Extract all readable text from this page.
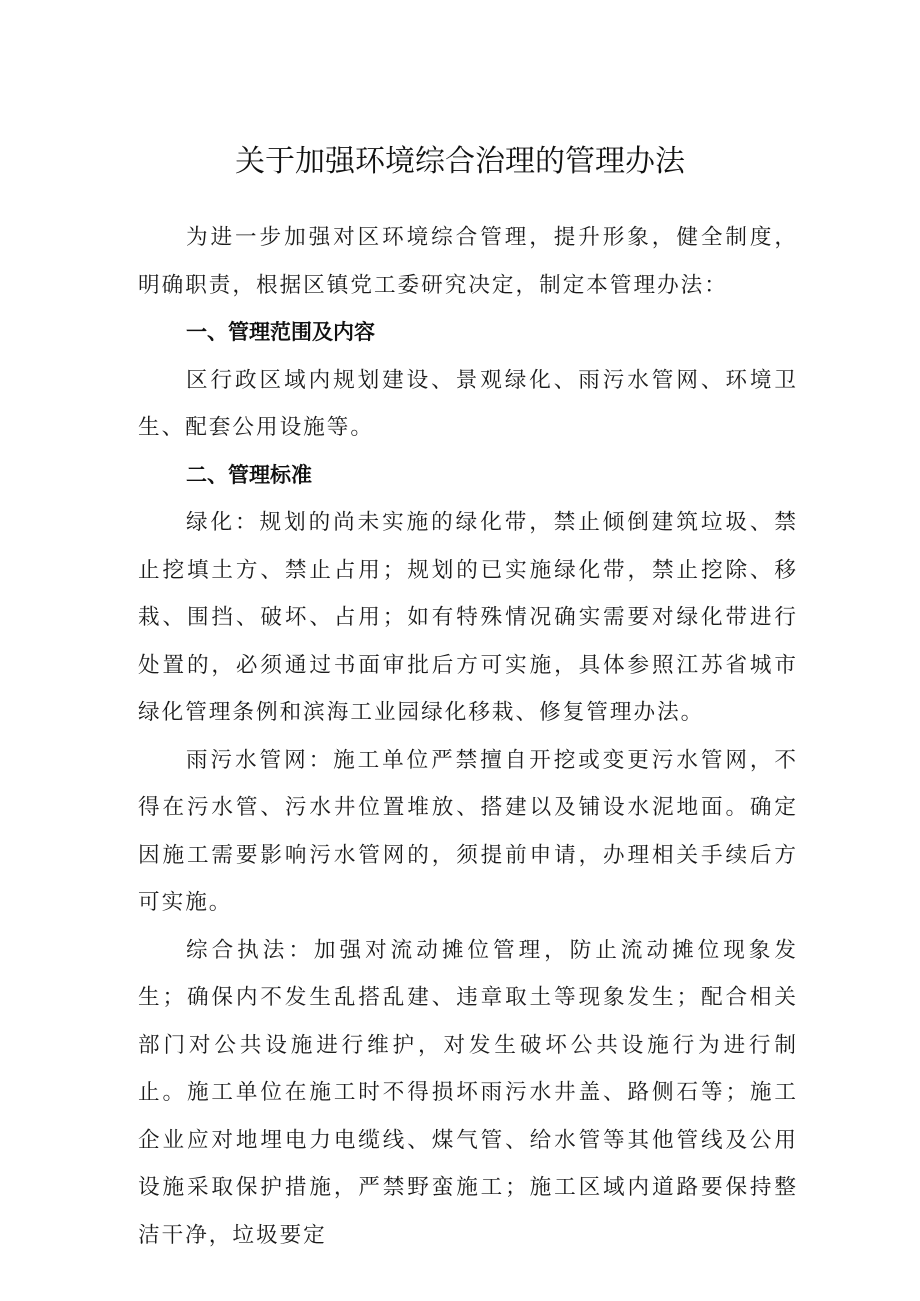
关于加强环境综合治理的管理办法

为进一步加强对区环境综合管理，提升形象，健全制度，明确职责，根据区镇党工委研究决定，制定本管理办法：

一、管理范围及内容

区行政区域内规划建设、景观绿化、雨污水管网、环境卫生、配套公用设施等。

二、管理标准

绿化：规划的尚未实施的绿化带，禁止倾倒建筑垃圾、禁止挖填土方、禁止占用；规划的已实施绿化带，禁止挖除、移栽、围挡、破坏、占用；如有特殊情况确实需要对绿化带进行处置的，必须通过书面审批后方可实施，具体参照江苏省城市绿化管理条例和滨海工业园绿化移栽、修复管理办法。

雨污水管网：施工单位严禁擅自开挖或变更污水管网，不得在污水管、污水井位置堆放、搭建以及铺设水泥地面。确定因施工需要影响污水管网的，须提前申请，办理相关手续后方可实施。

综合执法：加强对流动摊位管理，防止流动摊位现象发生；确保内不发生乱搭乱建、违章取土等现象发生；配合相关部门对公共设施进行维护，对发生破坏公共设施行为进行制止。施工单位在施工时不得损坏雨污水井盖、路侧石等；施工企业应对地埋电力电缆线、煤气管、给水管等其他管线及公用设施采取保护措施，严禁野蛮施工；施工区域内道路要保持整洁干净，垃圾要定
